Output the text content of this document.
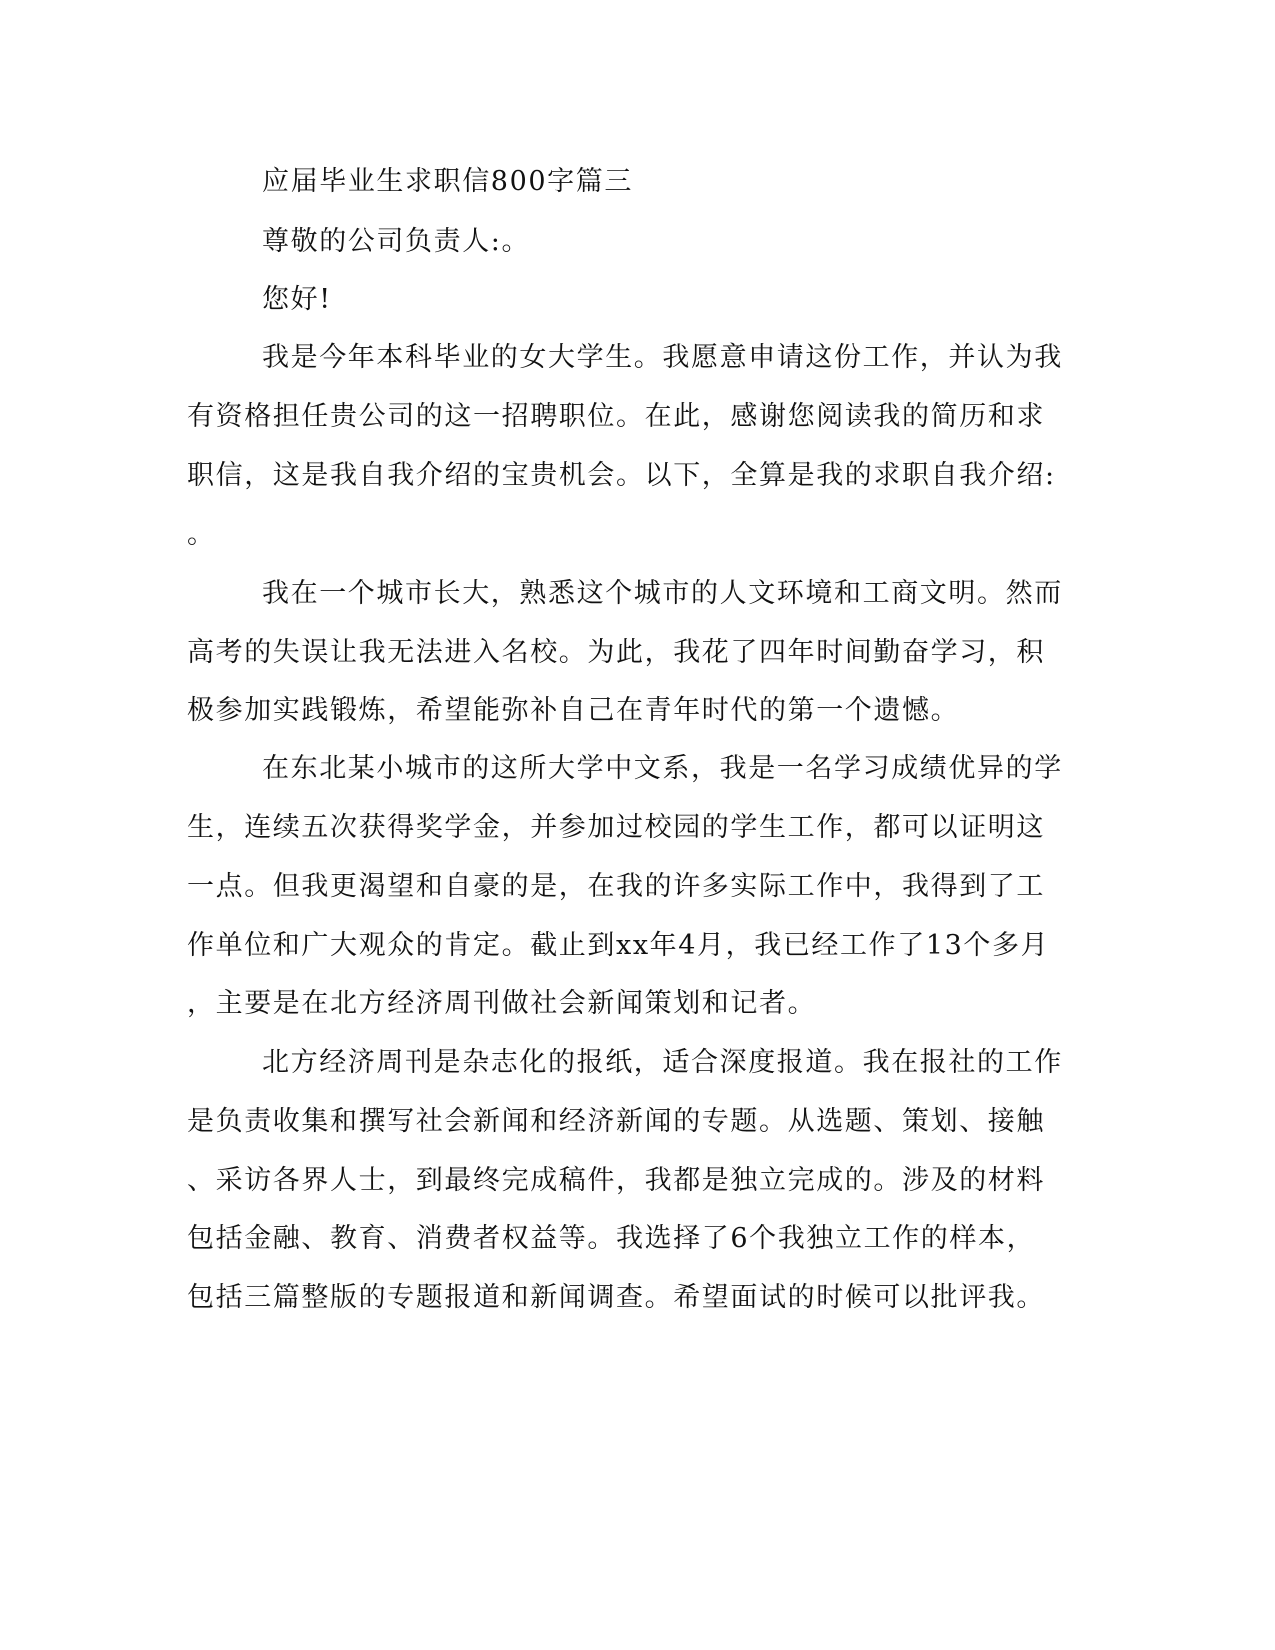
应届毕业生求职信800字篇三
尊敬的公司负责人:。
您好!
我是今年本科毕业的女大学生。我愿意申请这份工作，并认为我
有资格担任贵公司的这一招聘职位。在此，感谢您阅读我的简历和求
职信，这是我自我介绍的宝贵机会。以下，全算是我的求职自我介绍:
。
我在一个城市长大，熟悉这个城市的人文环境和工商文明。然而
高考的失误让我无法进入名校。为此，我花了四年时间勤奋学习，积
极参加实践锻炼，希望能弥补自己在青年时代的第一个遗憾。
在东北某小城市的这所大学中文系，我是一名学习成绩优异的学
生，连续五次获得奖学金，并参加过校园的学生工作，都可以证明这
一点。但我更渴望和自豪的是，在我的许多实际工作中，我得到了工
作单位和广大观众的肯定。截止到xx年4月，我已经工作了13个多月
，主要是在北方经济周刊做社会新闻策划和记者。
北方经济周刊是杂志化的报纸，适合深度报道。我在报社的工作
是负责收集和撰写社会新闻和经济新闻的专题。从选题、策划、接触
、采访各界人士，到最终完成稿件，我都是独立完成的。涉及的材料
包括金融、教育、消费者权益等。我选择了6个我独立工作的样本，
包括三篇整版的专题报道和新闻调查。希望面试的时候可以批评我。
